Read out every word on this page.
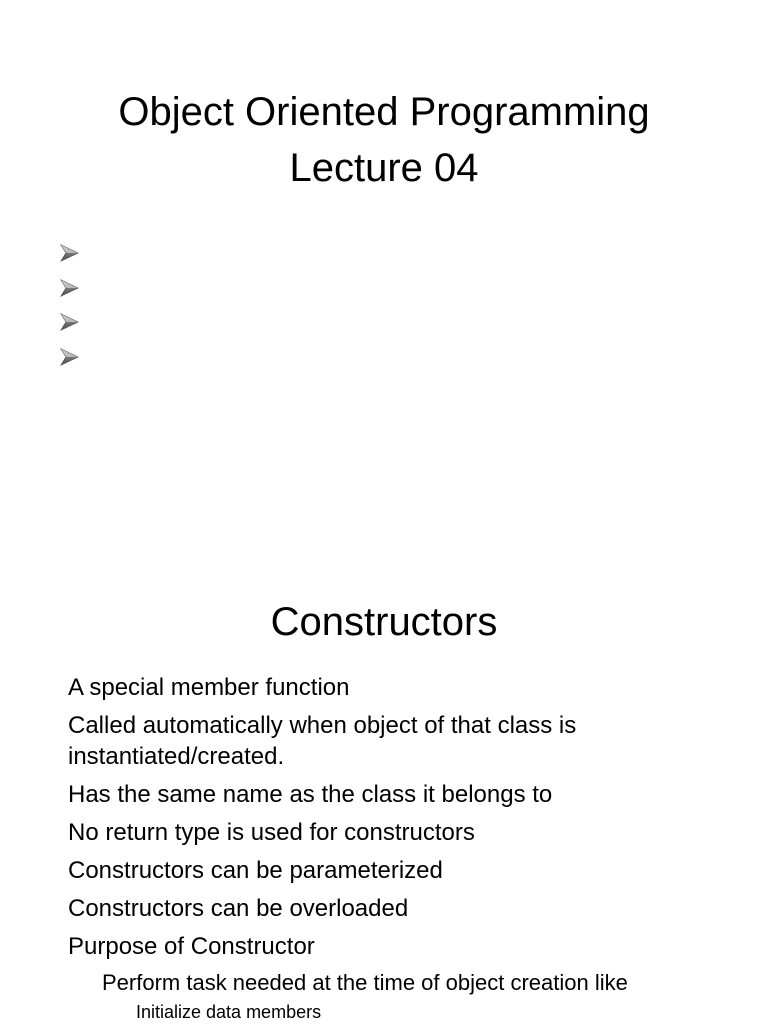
Object Oriented Programming
Lecture 04
Constructors

A special member function

Called automatically when object of that class is
instantiated/created.

Has the same name as the class it belongs to

No return type is used for constructors

Constructors can be parameterized

Constructors can be overloaded

Purpose of Constructor

Perform task needed at the time of object creation like

Initialize data members
